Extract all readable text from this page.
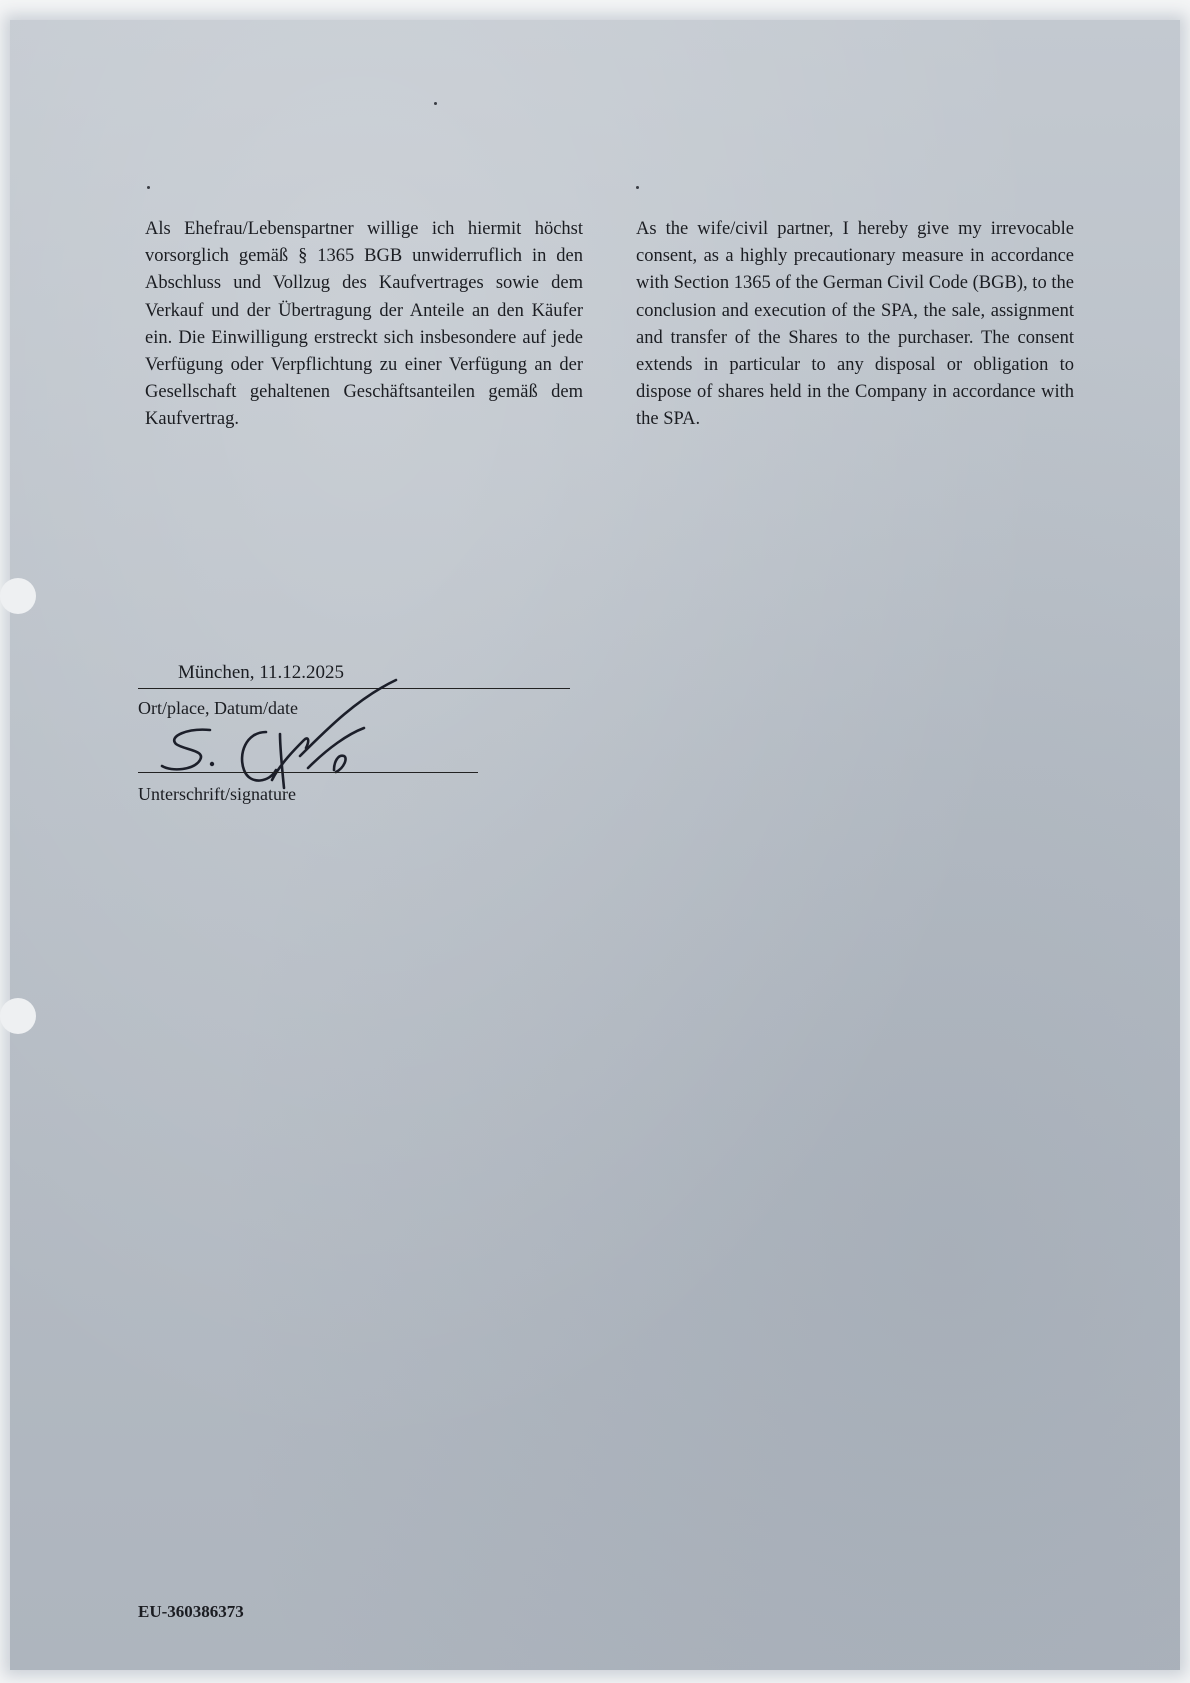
Als Ehefrau/Lebenspartner willige ich hiermit höchst vorsorglich gemäß § 1365 BGB unwiderruflich in den Abschluss und Vollzug des Kaufvertrages sowie dem Verkauf und der Übertragung der Anteile an den Käufer ein. Die Einwilligung erstreckt sich insbesondere auf jede Verfügung oder Verpflichtung zu einer Verfügung an der Gesellschaft gehaltenen Geschäftsanteilen gemäß dem Kaufvertrag.
As the wife/civil partner, I hereby give my irrevocable consent, as a highly precautionary measure in accordance with Section 1365 of the German Civil Code (BGB), to the conclusion and execution of the SPA, the sale, assignment and transfer of the Shares to the purchaser. The consent extends in particular to any disposal or obligation to dispose of shares held in the Company in accordance with the SPA.
München, 11.12.2025
Ort/place, Datum/date
Unterschrift/signature
EU-360386373
